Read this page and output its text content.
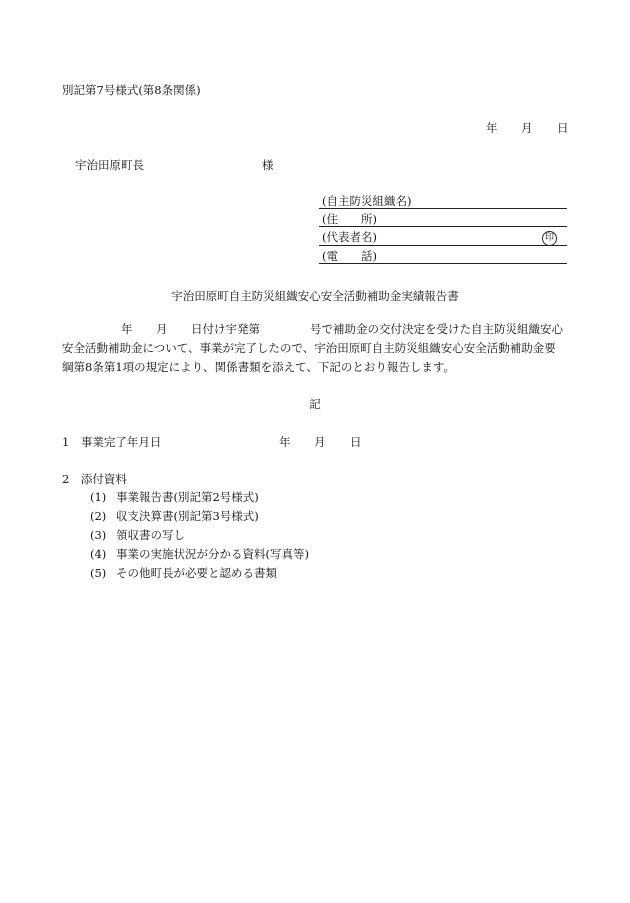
別記第7号様式(第8条関係)
年 月 日
宇治田原町長	様
(自主防災組織名)
(住　　所)
(代表者名)	印
(電　　話)
宇治田原町自主防災組織安心安全活動補助金実績報告書
年 月 日付け宇発第	号で補助金の交付決定を受けた自主防災組織安心
安全活動補助金について、事業が完了したので、宇治田原町自主防災組織安心安全活動補助金要
綱第8条第1項の規定により、関係書類を添えて、下記のとおり報告します。
記
1　事業完了年月日	年 月 日
2　添付資料
(1) 事業報告書(別記第2号様式)
(2) 収支決算書(別記第3号様式)
(3) 領収書の写し
(4) 事業の実施状況が分かる資料(写真等)
(5) その他町長が必要と認める書類
